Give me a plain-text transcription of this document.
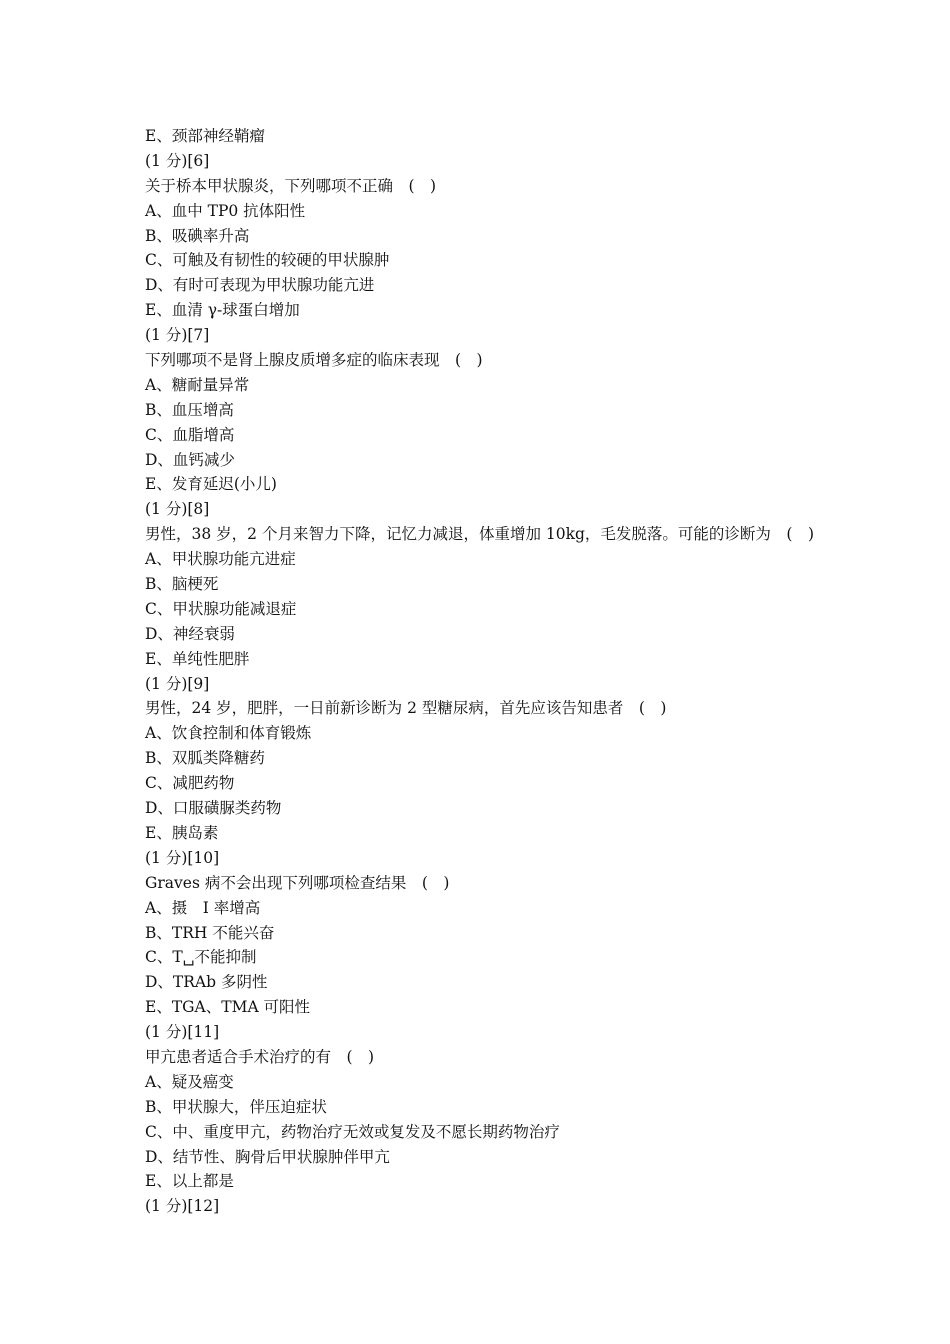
E、颈部神经鞘瘤
(1 分)[6]
关于桥本甲状腺炎，下列哪项不正确　(　)
A、血中 TP0 抗体阳性
B、吸碘率升高
C、可触及有韧性的较硬的甲状腺肿
D、有时可表现为甲状腺功能亢进
E、血清 γ-球蛋白增加
(1 分)[7]
下列哪项不是肾上腺皮质增多症的临床表现　(　)
A、糖耐量异常
B、血压增高
C、血脂增高
D、血钙减少
E、发育延迟(小儿)
(1 分)[8]
男性，38 岁，2 个月来智力下降，记忆力减退，体重增加 10kg，毛发脱落。可能的诊断为　(　)
A、甲状腺功能亢进症
B、脑梗死
C、甲状腺功能减退症
D、神经衰弱
E、单纯性肥胖
(1 分)[9]
男性，24 岁，肥胖，一日前新诊断为 2 型糖尿病，首先应该告知患者　(　)
A、饮食控制和体育锻炼
B、双胍类降糖药
C、减肥药物
D、口服磺脲类药物
E、胰岛素
(1 分)[10]
Graves 病不会出现下列哪项检查结果　(　)
A、摄　I 率增高
B、TRH 不能兴奋
C、T␣不能抑制
D、TRAb 多阴性
E、TGA、TMA 可阳性
(1 分)[11]
甲亢患者适合手术治疗的有　(　)
A、疑及癌变
B、甲状腺大，伴压迫症状
C、中、重度甲亢，药物治疗无效或复发及不愿长期药物治疗
D、结节性、胸骨后甲状腺肿伴甲亢
E、以上都是
(1 分)[12]
